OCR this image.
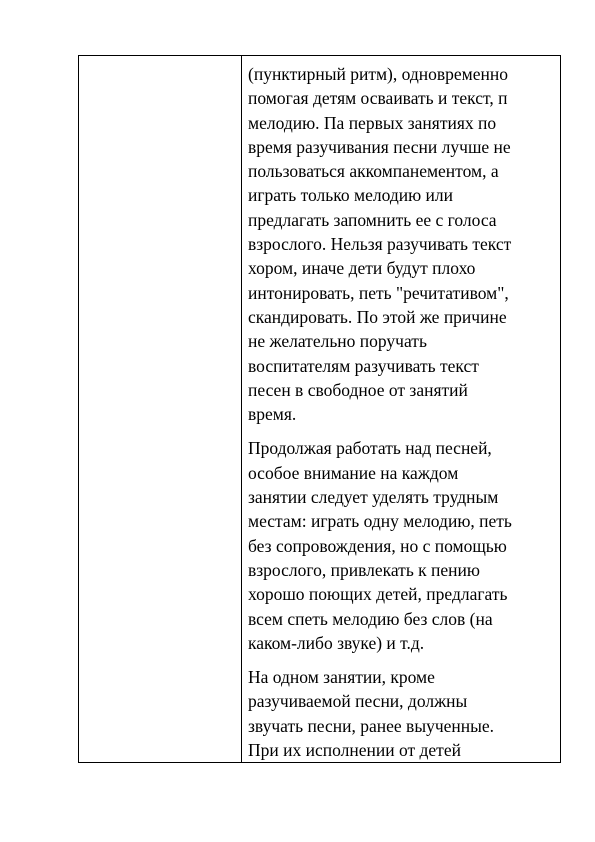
(пунктирный ритм), одновременно
помогая детям осваивать и текст, п
мелодию. Па первых занятиях по
время разучивания песни лучше не
пользоваться аккомпанементом, а
играть только мелодию или
предлагать запомнить ее с голоса
взрослого. Нельзя разучивать текст
хором, иначе дети будут плохо
интонировать, петь "речитативом",
скандировать. По этой же причине
не желательно поручать
воспитателям разучивать текст
песен в свободное от занятий
время.
Продолжая работать над песней,
особое внимание на каждом
занятии следует уделять трудным
местам: играть одну мелодию, петь
без сопровождения, но с помощью
взрослого, привлекать к пению
хорошо поющих детей, предлагать
всем спеть мелодию без слов (на
каком-либо звуке) и т.д.
На одном занятии, кроме
разучиваемой песни, должны
звучать песни, ранее выученные.
При их исполнении от детей
